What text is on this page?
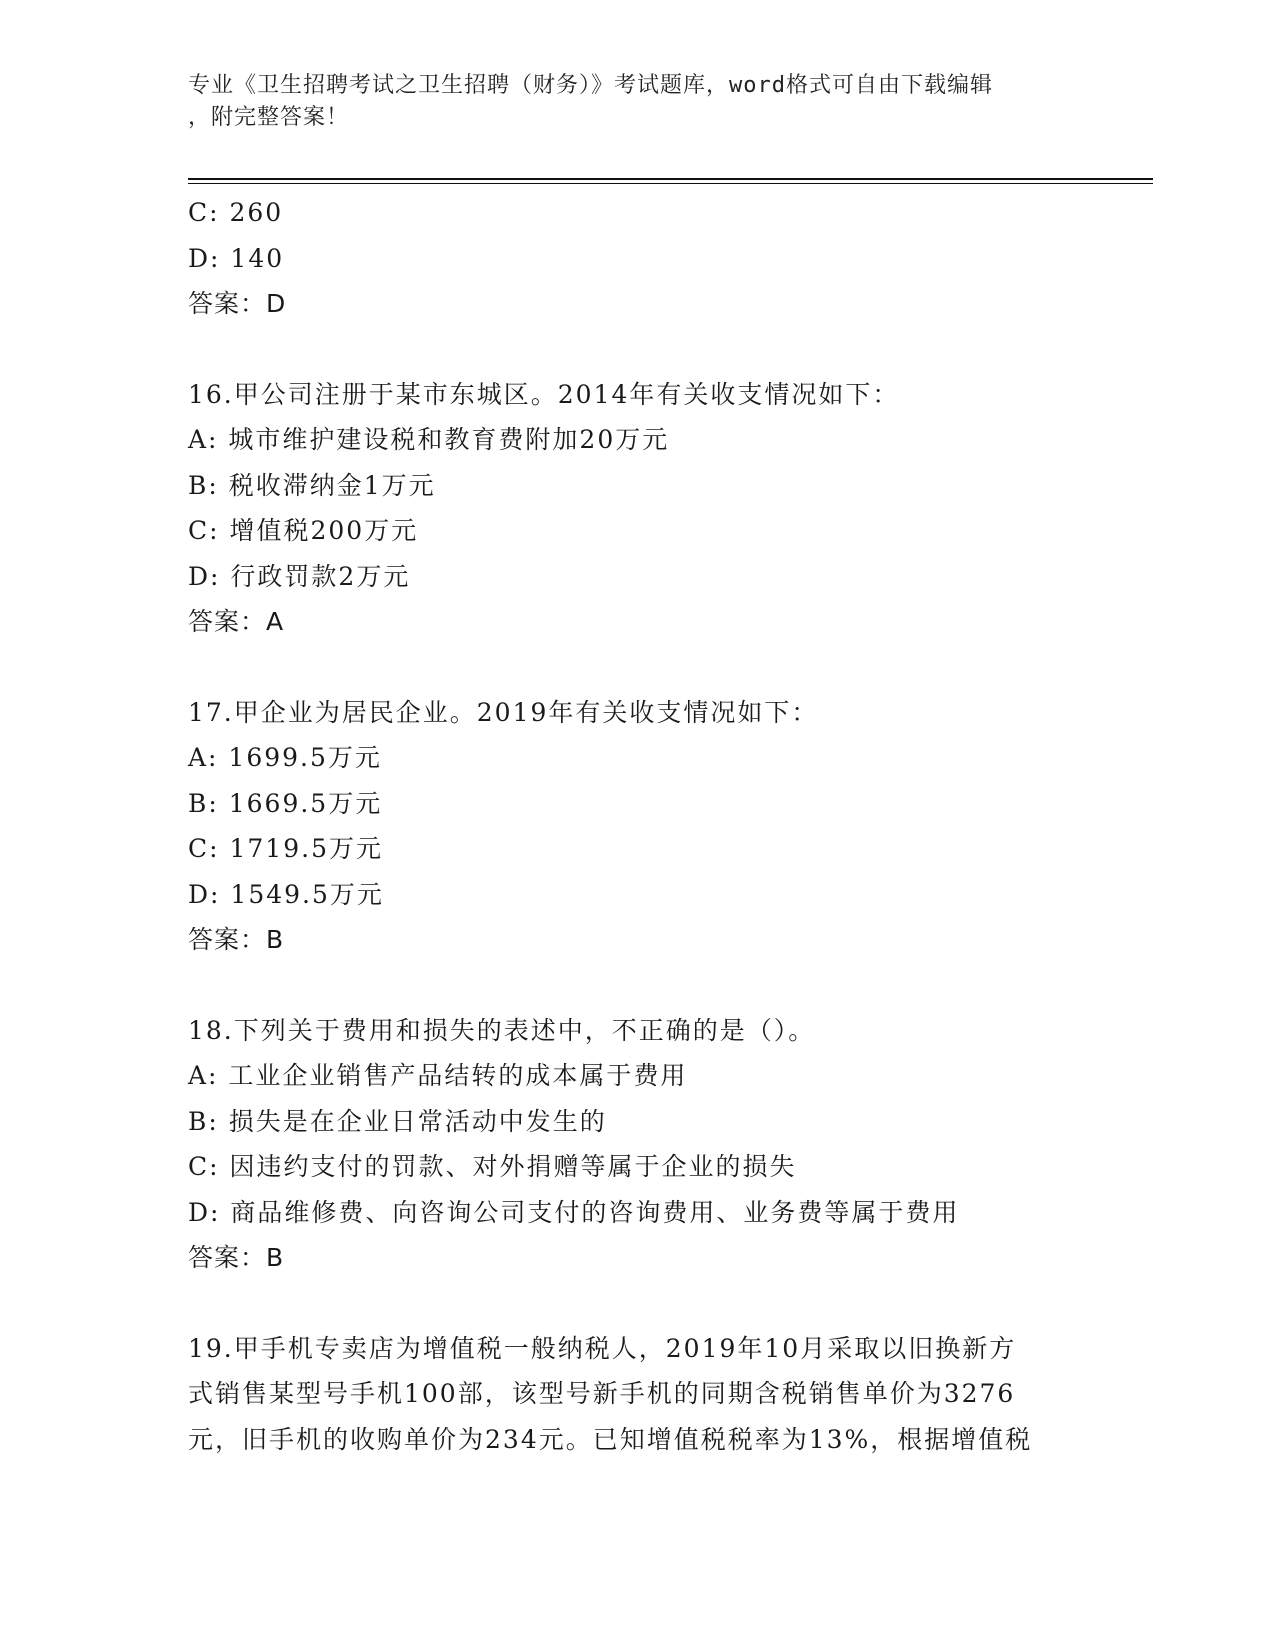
专业《卫生招聘考试之卫生招聘（财务）》考试题库，word格式可自由下载编辑
，附完整答案！
C: 260
D: 140
答案：D
16.甲公司注册于某市东城区。2014年有关收支情况如下：
A: 城市维护建设税和教育费附加20万元
B: 税收滞纳金1万元
C: 增值税200万元
D: 行政罚款2万元
答案：A
17.甲企业为居民企业。2019年有关收支情况如下：
A: 1699.5万元
B: 1669.5万元
C: 1719.5万元
D: 1549.5万元
答案：B
18.下列关于费用和损失的表述中，不正确的是（）。
A: 工业企业销售产品结转的成本属于费用
B: 损失是在企业日常活动中发生的
C: 因违约支付的罚款、对外捐赠等属于企业的损失
D: 商品维修费、向咨询公司支付的咨询费用、业务费等属于费用
答案：B
19.甲手机专卖店为增值税一般纳税人，2019年10月采取以旧换新方
式销售某型号手机100部，该型号新手机的同期含税销售单价为3276
元，旧手机的收购单价为234元。已知增值税税率为13%，根据增值税
